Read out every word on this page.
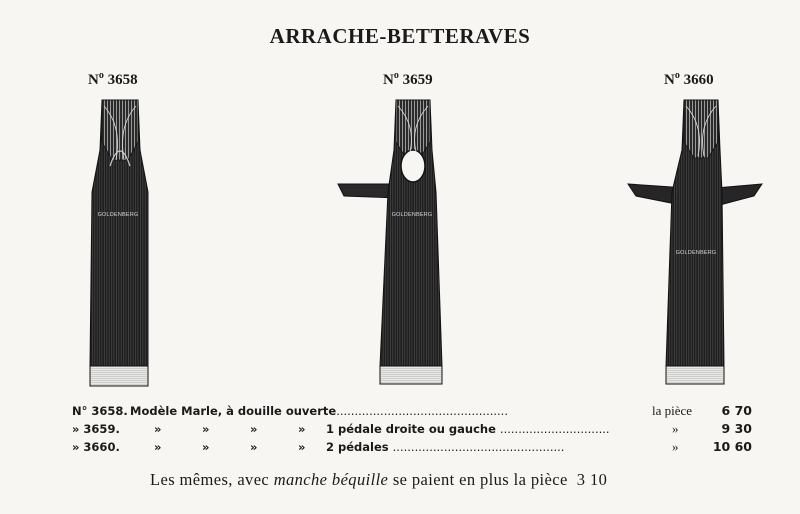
ARRACHE-BETTERAVES
$N^o$ 3658	$N^o$ 3659	$N^o$ 3660
GOLDENBERG	GOLDENBERG
GOLDENBERG
N° 3658. Modèle Marle, à douille ouverte...............................................	la pièce	6 70
» 3659.	»	»	»	» 1 pédale droite ou gauche ..............................	»	9 30
» 3660.	»	»	»	» 2 pédales ...............................................	»	10 60
Les mêmes, avec manche béquille se paient en plus la pièce 3 10
